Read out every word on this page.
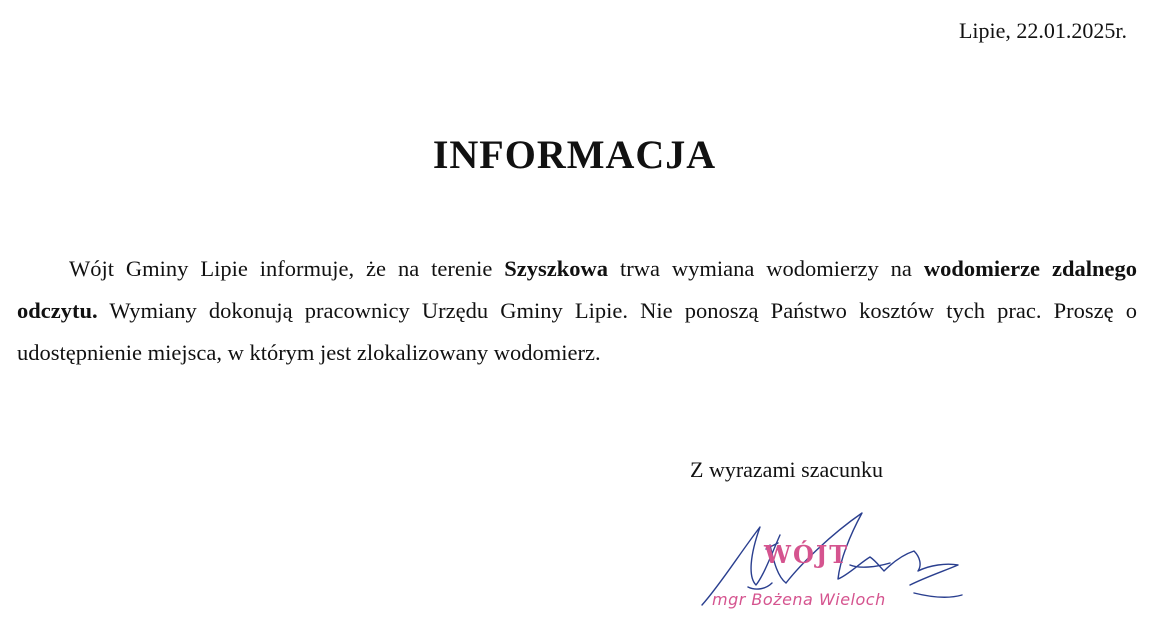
Lipie, 22.01.2025r.
INFORMACJA
Wójt Gminy Lipie informuje, że na terenie Szyszkowa trwa wymiana wodomierzy na wodomierze zdalnego odczytu. Wymiany dokonują pracownicy Urzędu Gminy Lipie. Nie ponoszą Państwo kosztów tych prac. Proszę o udostępnienie miejsca, w którym jest zlokalizowany wodomierz.
Z wyrazami szacunku
WÓJT
mgr Bożena Wieloch
